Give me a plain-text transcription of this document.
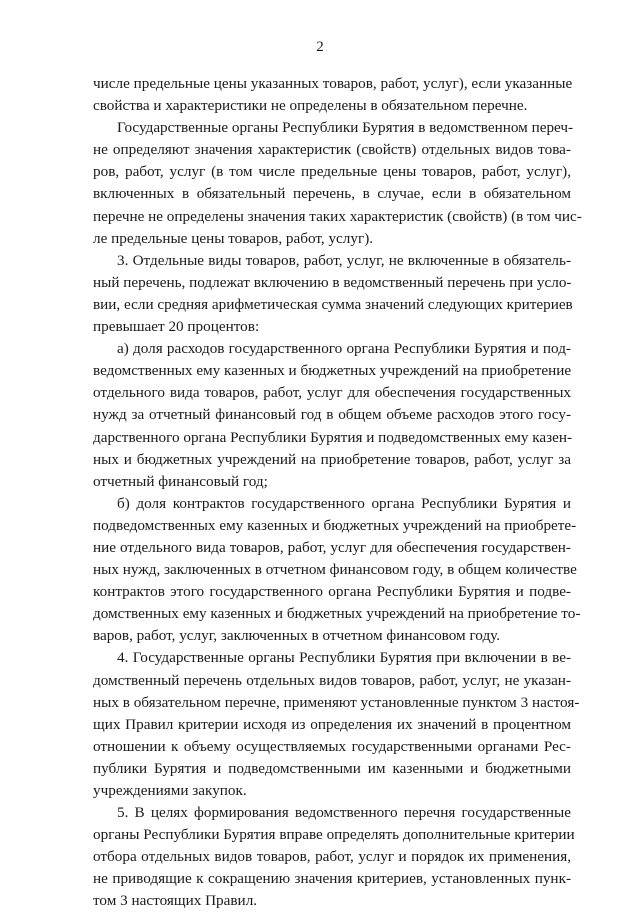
2
числе предельные цены указанных товаров, работ, услуг), если указанные
свойства и характеристики не определены в обязательном перечне.
Государственные органы Республики Бурятия в ведомственном переч-
не определяют значения характеристик (свойств) отдельных видов това-
ров, работ, услуг (в том числе предельные цены товаров, работ, услуг),
включенных в обязательный перечень, в случае, если в обязательном
перечне не определены значения таких характеристик (свойств) (в том чис-
ле предельные цены товаров, работ, услуг).
3. Отдельные виды товаров, работ, услуг, не включенные в обязатель-
ный перечень, подлежат включению в ведомственный перечень при усло-
вии, если средняя арифметическая сумма значений следующих критериев
превышает 20 процентов:
а) доля расходов государственного органа Республики Бурятия и под-
ведомственных ему казенных и бюджетных учреждений на приобретение
отдельного вида товаров, работ, услуг для обеспечения государственных
нужд за отчетный финансовый год в общем объеме расходов этого госу-
дарственного органа Республики Бурятия и подведомственных ему казен-
ных и бюджетных учреждений на приобретение товаров, работ, услуг за
отчетный финансовый год;
б) доля контрактов государственного органа Республики Бурятия и
подведомственных ему казенных и бюджетных учреждений на приобрете-
ние отдельного вида товаров, работ, услуг для обеспечения государствен-
ных нужд, заключенных в отчетном финансовом году, в общем количестве
контрактов этого государственного органа Республики Бурятия и подве-
домственных ему казенных и бюджетных учреждений на приобретение то-
варов, работ, услуг, заключенных в отчетном финансовом году.
4. Государственные органы Республики Бурятия при включении в ве-
домственный перечень отдельных видов товаров, работ, услуг, не указан-
ных в обязательном перечне, применяют установленные пунктом 3 настоя-
щих Правил критерии исходя из определения их значений в процентном
отношении к объему осуществляемых государственными органами Рес-
публики Бурятия и подведомственными им казенными и бюджетными
учреждениями закупок.
5. В целях формирования ведомственного перечня государственные
органы Республики Бурятия вправе определять дополнительные критерии
отбора отдельных видов товаров, работ, услуг и порядок их применения,
не приводящие к сокращению значения критериев, установленных пунк-
том 3 настоящих Правил.
